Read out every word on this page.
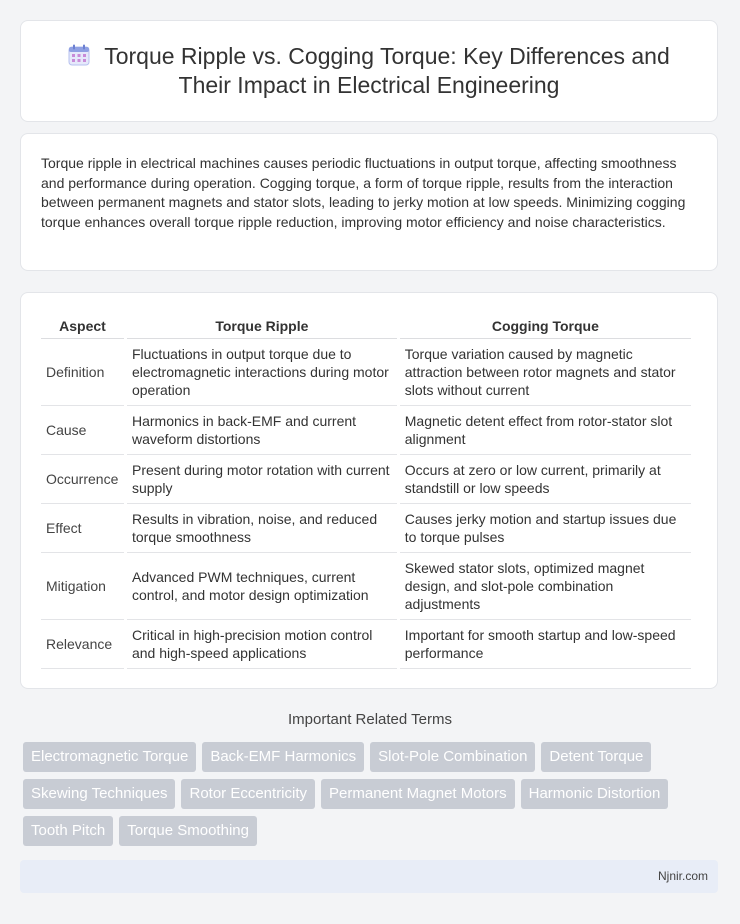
Torque Ripple vs. Cogging Torque: Key Differences and Their Impact in Electrical Engineering

Torque ripple in electrical machines causes periodic fluctuations in output torque, affecting smoothness and performance during operation. Cogging torque, a form of torque ripple, results from the interaction between permanent magnets and stator slots, leading to jerky motion at low speeds. Minimizing cogging torque enhances overall torque ripple reduction, improving motor efficiency and noise characteristics.

Aspect	Torque Ripple	Cogging Torque
Definition	Fluctuations in output torque due to electromagnetic interactions during motor operation	Torque variation caused by magnetic attraction between rotor magnets and stator slots without current
Cause	Harmonics in back-EMF and current waveform distortions	Magnetic detent effect from rotor-stator slot alignment
Occurrence	Present during motor rotation with current supply	Occurs at zero or low current, primarily at standstill or low speeds
Effect	Results in vibration, noise, and reduced torque smoothness	Causes jerky motion and startup issues due to torque pulses
Mitigation	Advanced PWM techniques, current control, and motor design optimization	Skewed stator slots, optimized magnet design, and slot-pole combination adjustments
Relevance	Critical in high-precision motion control and high-speed applications	Important for smooth startup and low-speed performance
Important Related Terms
Electromagnetic Torque	Back-EMF Harmonics	Slot-Pole Combination	Detent Torque
Skewing Techniques	Rotor Eccentricity	Permanent Magnet Motors	Harmonic Distortion
Tooth Pitch	Torque Smoothing
Njnir.com
